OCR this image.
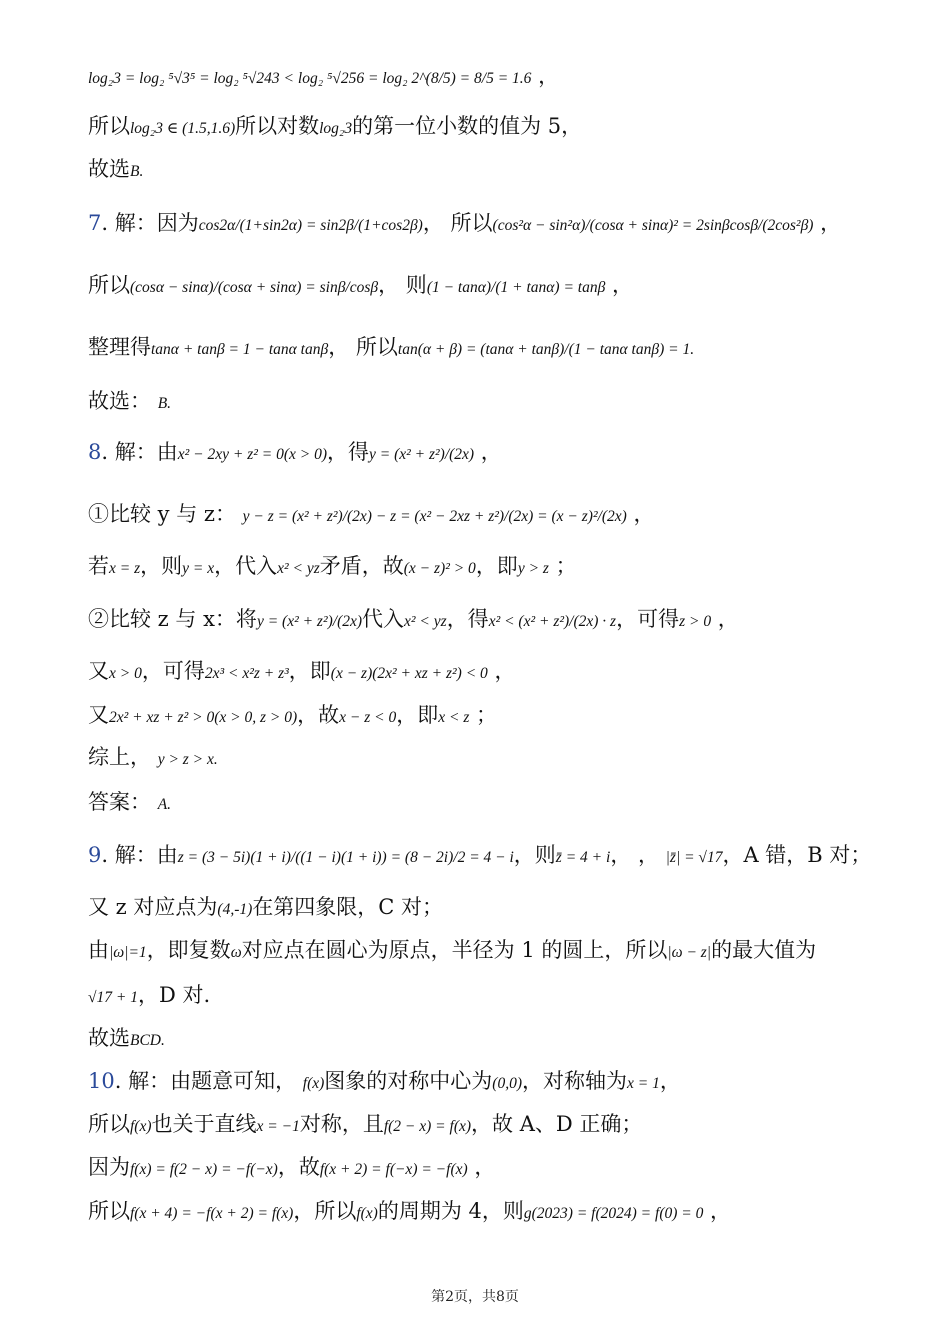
log₂3 = log₂ ⁵√3⁵ = log₂ ⁵√243 < log₂ ⁵√256 = log₂ 2^(8/5) = 8/5 = 1.6 ，
所以log₂3 ∈ (1.5,1.6)所以对数log₂3的第一位小数的值为 5，
故选B.
7. 解：因为cos2α/(1+sin2α) = sin2β/(1+cos2β)， 所以(cos²α − sin²α)/(cosα + sinα)² = 2sinβcosβ/(2cos²β) ，
所以(cosα − sinα)/(cosα + sinα) = sinβ/cosβ， 则(1 − tanα)/(1 + tanα) = tanβ ，
整理得tanα + tanβ = 1 − tanα tanβ， 所以tan(α + β) = (tanα + tanβ)/(1 − tanα tanβ) = 1.
故选： B.
8. 解：由x² − 2xy + z² = 0(x > 0)，得y = (x² + z²)/(2x) ，
①比较 y 与 z： y − z = (x² + z²)/(2x) − z = (x² − 2xz + z²)/(2x) = (x − z)²/(2x) ，
若x = z，则y = x，代入x² < yz矛盾，故(x − z)² > 0，即y > z ；
②比较 z 与 x：将y = (x² + z²)/(2x)代入x² < yz，得x² < (x² + z²)/(2x) · z，可得z > 0 ，
又x > 0，可得2x³ < x²z + z³，即(x − z)(2x² + xz + z²) < 0 ，
又2x² + xz + z² > 0(x > 0, z > 0)，故x − z < 0，即x < z ；
综上， y > z > x.
答案： A.
9. 解：由z = (3 − 5i)(1 + i)/((1 − i)(1 + i)) = (8 − 2i)/2 = 4 − i，则z̄ = 4 + i， ， |z̄| = √17，A 错，B 对；
又 z 对应点为(4,-1)在第四象限，C 对；
由|ω|=1，即复数ω对应点在圆心为原点，半径为 1 的圆上，所以|ω − z|的最大值为
√17 + 1，D 对.
故选BCD.
10. 解：由题意可知， f(x)图象的对称中心为(0,0)，对称轴为x = 1，
所以f(x)也关于直线x = −1对称，且f(2 − x) = f(x)，故 A、D 正确；
因为f(x) = f(2 − x) = −f(−x)，故f(x + 2) = f(−x) = −f(x) ，
所以f(x + 4) = −f(x + 2) = f(x)，所以f(x)的周期为 4，则g(2023) = f(2024) = f(0) = 0 ，
第2页，共8页
